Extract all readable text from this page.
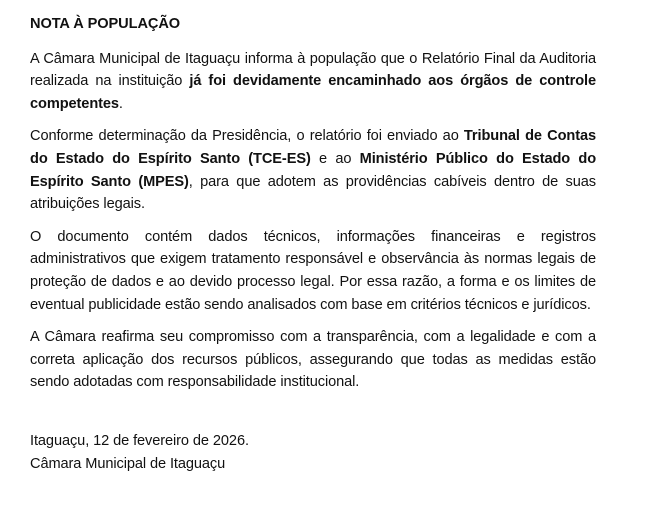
NOTA À POPULAÇÃO

A Câmara Municipal de Itaguaçu informa à população que o Relatório Final da Auditoria realizada na instituição já foi devidamente encaminhado aos órgãos de controle competentes.

Conforme determinação da Presidência, o relatório foi enviado ao Tribunal de Contas do Estado do Espírito Santo (TCE-ES) e ao Ministério Público do Estado do Espírito Santo (MPES), para que adotem as providências cabíveis dentro de suas atribuições legais.

O documento contém dados técnicos, informações financeiras e registros administrativos que exigem tratamento responsável e observância às normas legais de proteção de dados e ao devido processo legal. Por essa razão, a forma e os limites de eventual publicidade estão sendo analisados com base em critérios técnicos e jurídicos.

A Câmara reafirma seu compromisso com a transparência, com a legalidade e com a correta aplicação dos recursos públicos, assegurando que todas as medidas estão sendo adotadas com responsabilidade institucional.

Itaguaçu, 12 de fevereiro de 2026.

Câmara Municipal de Itaguaçu
